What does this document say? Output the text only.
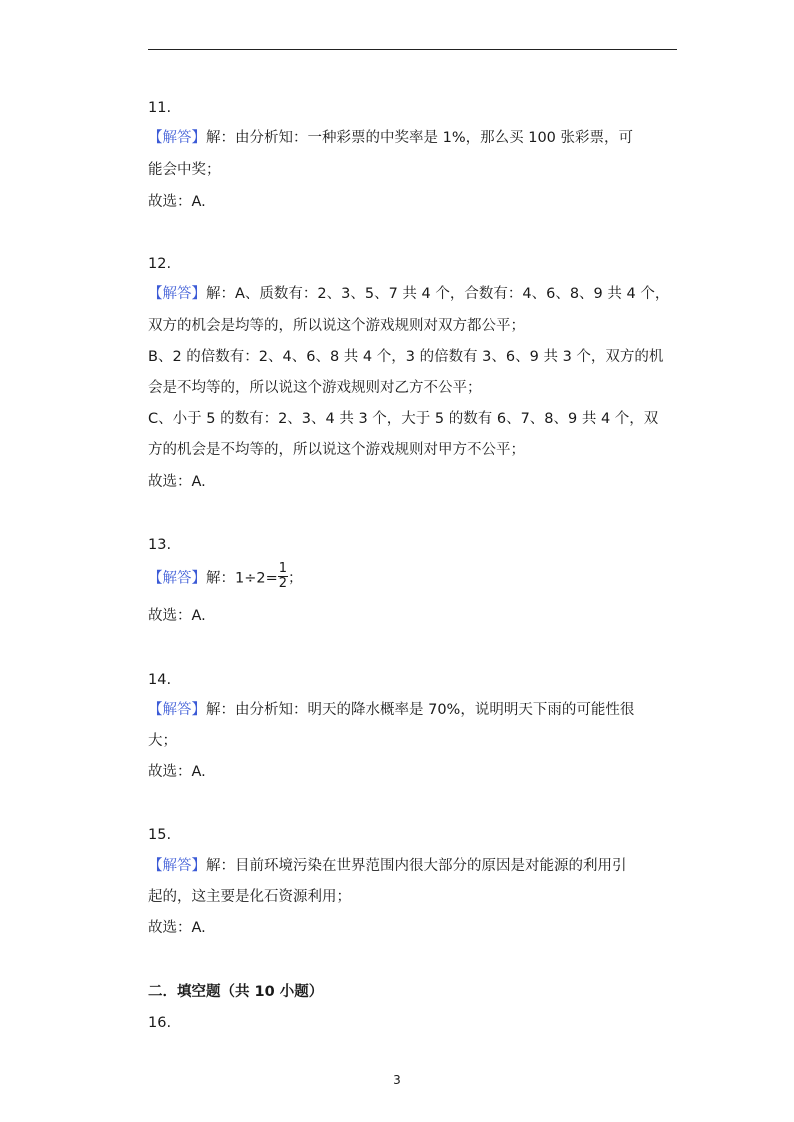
11.
【解答】解：由分析知：一种彩票的中奖率是 1%，那么买 100 张彩票，可
能会中奖；
故选：A.
12.
【解答】解：A、质数有：2、3、5、7 共 4 个，合数有：4、6、8、9 共 4 个，
双方的机会是均等的，所以说这个游戏规则对双方都公平；
B、2 的倍数有：2、4、6、8 共 4 个，3 的倍数有 3、6、9 共 3 个，双方的机
会是不均等的，所以说这个游戏规则对乙方不公平；
C、小于 5 的数有：2、3、4 共 3 个，大于 5 的数有 6、7、8、9 共 4 个，双
方的机会是不均等的，所以说这个游戏规则对甲方不公平；
故选：A.
13.
【解答】解：$1\div 2= \frac{1}{2}$ ；
故选：A.
14.
【解答】解：由分析知：明天的降水概率是 70%，说明明天下雨的可能性很
大；
故选：A.
15.
【解答】解：目前环境污染在世界范围内很大部分的原因是对能源的利用引
起的，这主要是化石资源利用；
故选：A.
二．填空题（共 10 小题）
16.
3
